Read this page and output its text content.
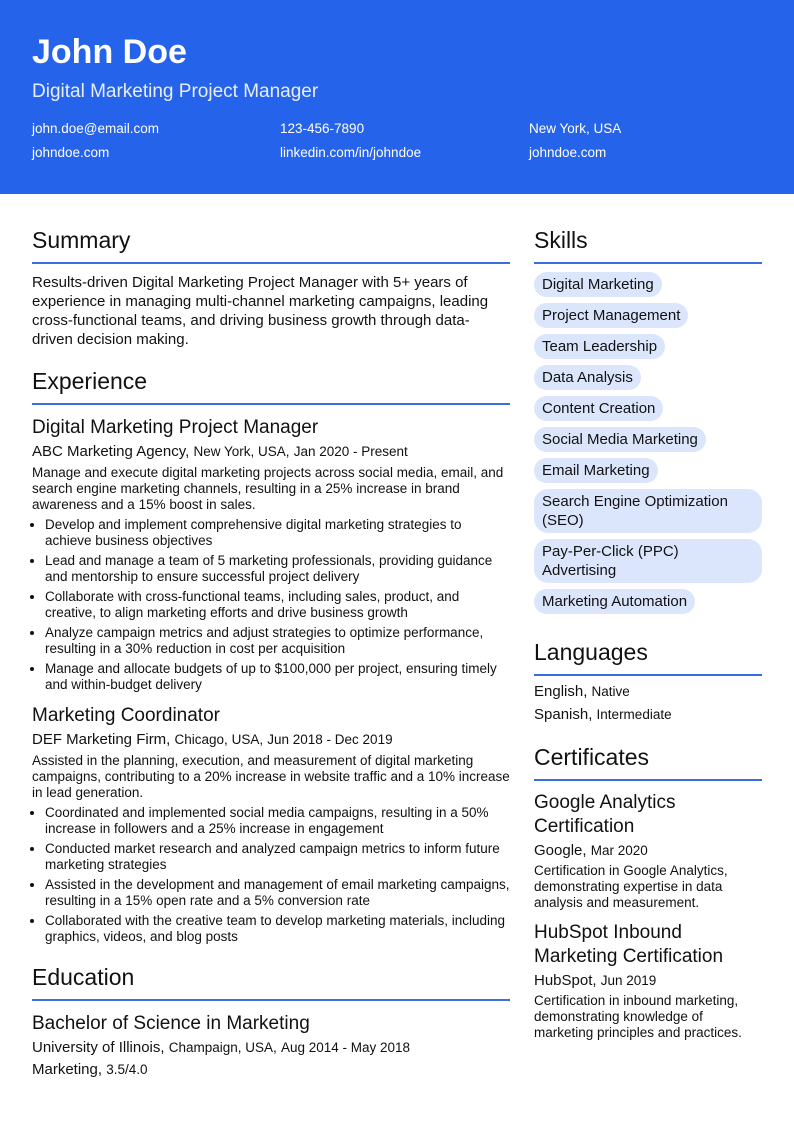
John Doe
Digital Marketing Project Manager
john.doe@email.com	123-456-7890	New York, USA
johndoe.com	linkedin.com/in/johndoe	johndoe.com
Summary
Results-driven Digital Marketing Project Manager with 5+ years of experience in managing multi-channel marketing campaigns, leading cross-functional teams, and driving business growth through data-driven decision making.
Experience
Digital Marketing Project Manager
ABC Marketing Agency, New York, USA, Jan 2020 - Present
Manage and execute digital marketing projects across social media, email, and search engine marketing channels, resulting in a 25% increase in brand awareness and a 15% boost in sales.
• Develop and implement comprehensive digital marketing strategies to achieve business objectives
• Lead and manage a team of 5 marketing professionals, providing guidance and mentorship to ensure successful project delivery
• Collaborate with cross-functional teams, including sales, product, and creative, to align marketing efforts and drive business growth
• Analyze campaign metrics and adjust strategies to optimize performance, resulting in a 30% reduction in cost per acquisition
• Manage and allocate budgets of up to $100,000 per project, ensuring timely and within-budget delivery
Marketing Coordinator
DEF Marketing Firm, Chicago, USA, Jun 2018 - Dec 2019
Assisted in the planning, execution, and measurement of digital marketing campaigns, contributing to a 20% increase in website traffic and a 10% increase in lead generation.
• Coordinated and implemented social media campaigns, resulting in a 50% increase in followers and a 25% increase in engagement
• Conducted market research and analyzed campaign metrics to inform future marketing strategies
• Assisted in the development and management of email marketing campaigns, resulting in a 15% open rate and a 5% conversion rate
• Collaborated with the creative team to develop marketing materials, including graphics, videos, and blog posts
Education
Bachelor of Science in Marketing
University of Illinois, Champaign, USA, Aug 2014 - May 2018
Marketing, 3.5/4.0
Skills
Digital Marketing
Project Management
Team Leadership
Data Analysis
Content Creation
Social Media Marketing
Email Marketing
Search Engine Optimization (SEO)
Pay-Per-Click (PPC) Advertising
Marketing Automation
Languages
English, Native
Spanish, Intermediate
Certificates
Google Analytics Certification
Google, Mar 2020
Certification in Google Analytics, demonstrating expertise in data analysis and measurement.
HubSpot Inbound Marketing Certification
HubSpot, Jun 2019
Certification in inbound marketing, demonstrating knowledge of marketing principles and practices.
